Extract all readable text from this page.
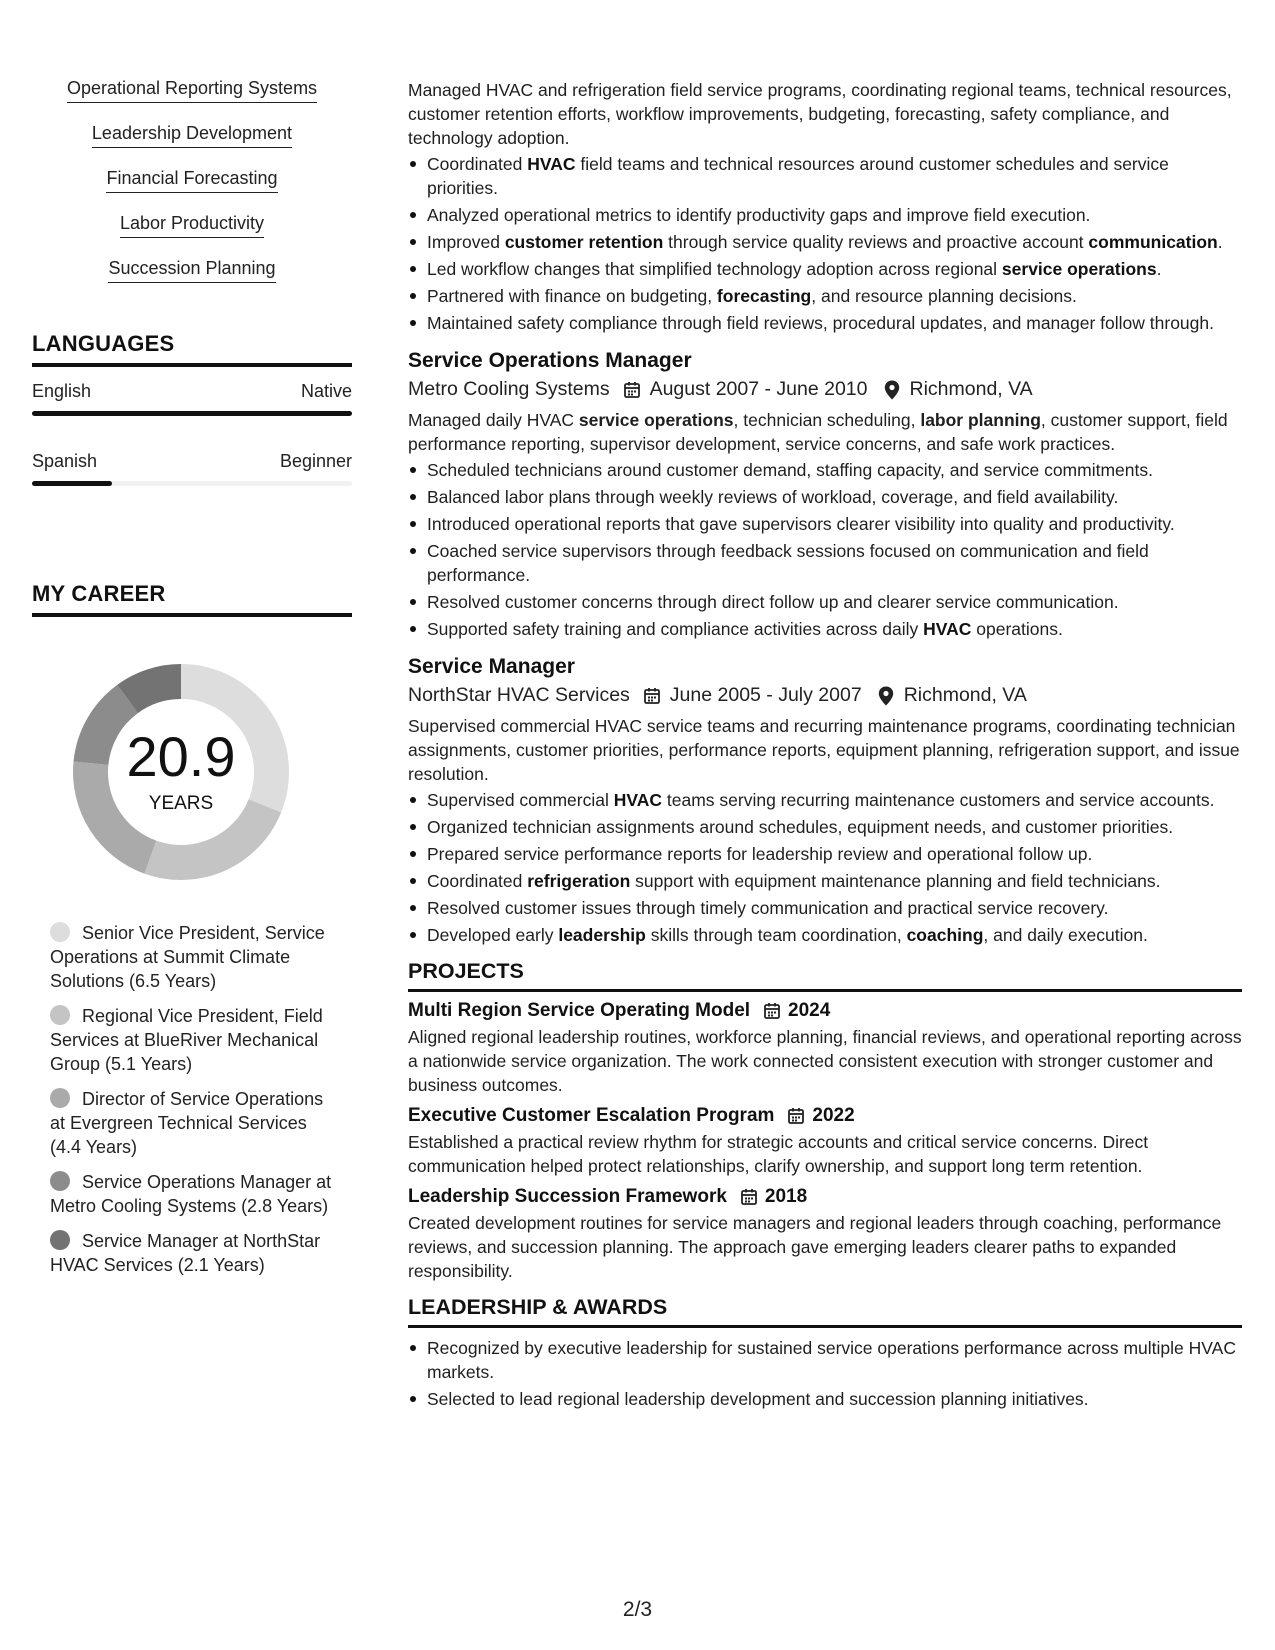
Operational Reporting Systems
Leadership Development
Financial Forecasting
Labor Productivity
Succession Planning
LANGUAGES
English	Native
Spanish	Beginner
MY CAREER
20.9
YEARS
Senior Vice President, Service Operations at Summit Climate Solutions (6.5 Years)
Regional Vice President, Field Services at BlueRiver Mechanical Group (5.1 Years)
Director of Service Operations at Evergreen Technical Services (4.4 Years)
Service Operations Manager at Metro Cooling Systems (2.8 Years)
Service Manager at NorthStar HVAC Services (2.1 Years)
Managed HVAC and refrigeration field service programs, coordinating regional teams, technical resources, customer retention efforts, workflow improvements, budgeting, forecasting, safety compliance, and technology adoption.
Coordinated HVAC field teams and technical resources around customer schedules and service priorities.
Analyzed operational metrics to identify productivity gaps and improve field execution.
Improved customer retention through service quality reviews and proactive account communication.
Led workflow changes that simplified technology adoption across regional service operations.
Partnered with finance on budgeting, forecasting, and resource planning decisions.
Maintained safety compliance through field reviews, procedural updates, and manager follow through.
Service Operations Manager
Metro Cooling Systems August 2007 - June 2010 Richmond, VA
Managed daily HVAC service operations, technician scheduling, labor planning, customer support, field performance reporting, supervisor development, service concerns, and safe work practices.
Scheduled technicians around customer demand, staffing capacity, and service commitments.
Balanced labor plans through weekly reviews of workload, coverage, and field availability.
Introduced operational reports that gave supervisors clearer visibility into quality and productivity.
Coached service supervisors through feedback sessions focused on communication and field performance.
Resolved customer concerns through direct follow up and clearer service communication.
Supported safety training and compliance activities across daily HVAC operations.
Service Manager
NorthStar HVAC Services June 2005 - July 2007 Richmond, VA
Supervised commercial HVAC service teams and recurring maintenance programs, coordinating technician assignments, customer priorities, performance reports, equipment planning, refrigeration support, and issue resolution.
Supervised commercial HVAC teams serving recurring maintenance customers and service accounts.
Organized technician assignments around schedules, equipment needs, and customer priorities.
Prepared service performance reports for leadership review and operational follow up.
Coordinated refrigeration support with equipment maintenance planning and field technicians.
Resolved customer issues through timely communication and practical service recovery.
Developed early leadership skills through team coordination, coaching, and daily execution.
PROJECTS
Multi Region Service Operating Model 2024
Aligned regional leadership routines, workforce planning, financial reviews, and operational reporting across a nationwide service organization. The work connected consistent execution with stronger customer and business outcomes.
Executive Customer Escalation Program 2022
Established a practical review rhythm for strategic accounts and critical service concerns. Direct communication helped protect relationships, clarify ownership, and support long term retention.
Leadership Succession Framework 2018
Created development routines for service managers and regional leaders through coaching, performance reviews, and succession planning. The approach gave emerging leaders clearer paths to expanded responsibility.
LEADERSHIP & AWARDS
Recognized by executive leadership for sustained service operations performance across multiple HVAC markets.
Selected to lead regional leadership development and succession planning initiatives.
2/3
